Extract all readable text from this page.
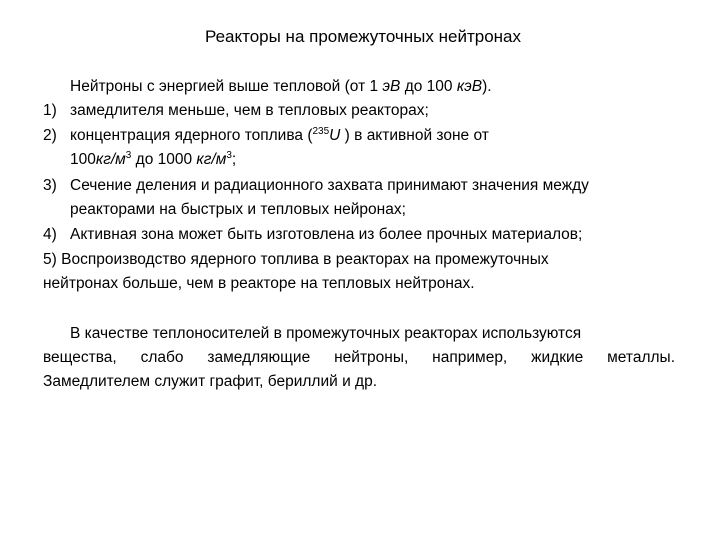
Реакторы на промежуточных нейтронах
Нейтроны с энергией выше тепловой (от 1 эВ до 100 кэВ).
1) замедлителя меньше, чем в тепловых реакторах;
2) концентрация ядерного топлива ($^{235}$U ) в активной зоне от
$100кг/м^3$ до 1000 $кг/м^3$;
3) Сечение деления и радиационного захвата принимают значения между
реакторами на быстрых и тепловых нейронах;
4) Активная зона может быть изготовлена из более прочных материалов;
5) Воспроизводство ядерного топлива в реакторах на промежуточных
нейтронах больше, чем в реакторе на тепловых нейтронах.
В качестве теплоносителей в промежуточных реакторах используются
вещества, слабо замедляющие нейтроны, например, жидкие металлы.
Замедлителем служит графит, бериллий и др.
